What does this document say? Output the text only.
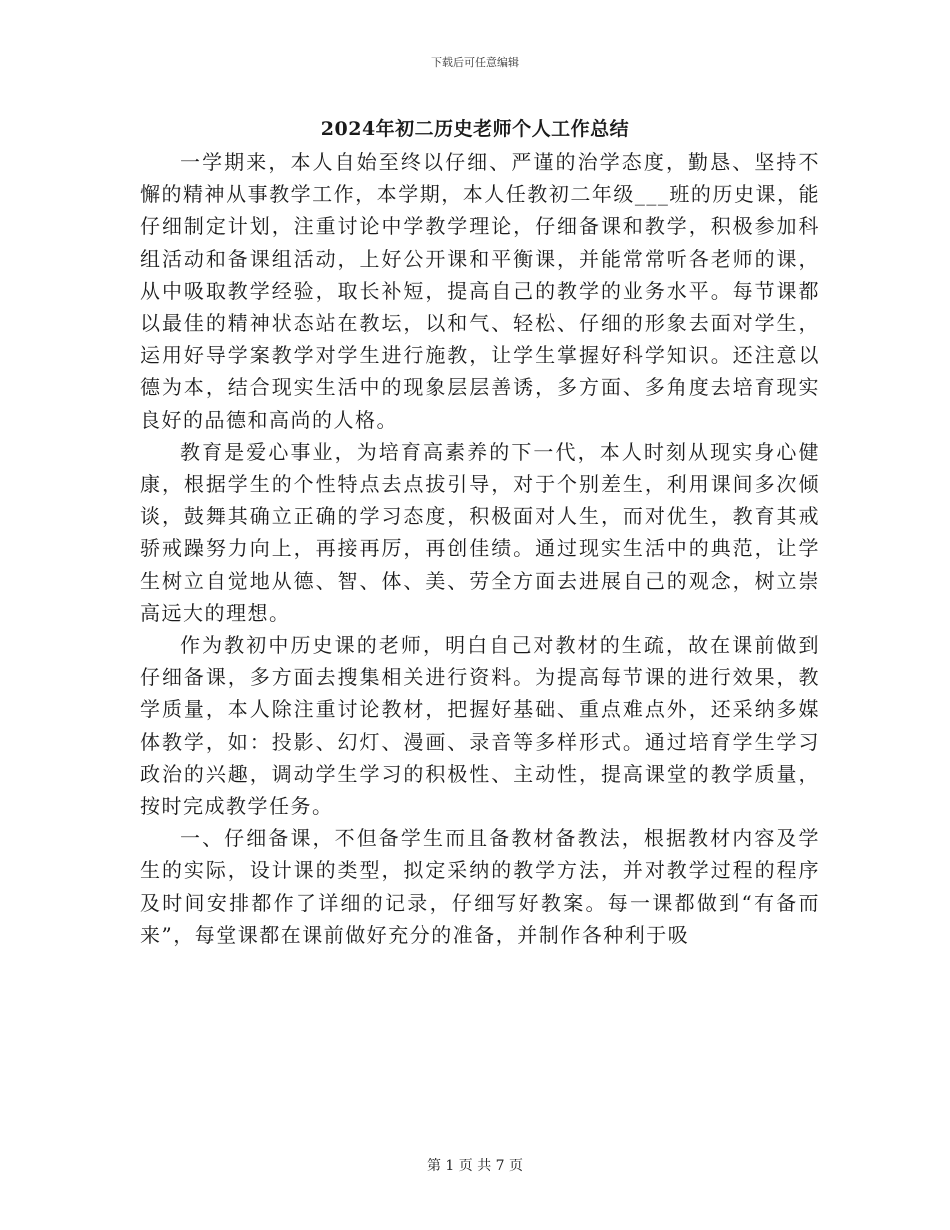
下载后可任意编辑
2024年初二历史老师个人工作总结

一学期来，本人自始至终以仔细、严谨的治学态度，勤恳、坚持不懈的精神从事教学工作，本学期，本人任教初二年级___班的历史课，能仔细制定计划，注重讨论中学教学理论，仔细备课和教学，积极参加科组活动和备课组活动，上好公开课和平衡课，并能常常听各老师的课，从中吸取教学经验，取长补短，提高自己的教学的业务水平。每节课都以最佳的精神状态站在教坛，以和气、轻松、仔细的形象去面对学生，运用好导学案教学对学生进行施教，让学生掌握好科学知识。还注意以德为本，结合现实生活中的现象层层善诱，多方面、多角度去培育现实良好的品德和高尚的人格。

教育是爱心事业，为培育高素养的下一代，本人时刻从现实身心健康，根据学生的个性特点去点拔引导，对于个别差生，利用课间多次倾谈，鼓舞其确立正确的学习态度，积极面对人生，而对优生，教育其戒骄戒躁努力向上，再接再厉，再创佳绩。通过现实生活中的典范，让学生树立自觉地从德、智、体、美、劳全方面去进展自己的观念，树立崇高远大的理想。

作为教初中历史课的老师，明白自己对教材的生疏，故在课前做到仔细备课，多方面去搜集相关进行资料。为提高每节课的进行效果，教学质量，本人除注重讨论教材，把握好基础、重点难点外，还采纳多媒体教学，如：投影、幻灯、漫画、录音等多样形式。通过培育学生学习政治的兴趣，调动学生学习的积极性、主动性，提高课堂的教学质量，按时完成教学任务。

一、仔细备课，不但备学生而且备教材备教法，根据教材内容及学生的实际，设计课的类型，拟定采纳的教学方法，并对教学过程的程序及时间安排都作了详细的记录，仔细写好教案。每一课都做到“有备而来”，每堂课都在课前做好充分的准备，并制作各种利于吸

第 1 页 共 7 页
